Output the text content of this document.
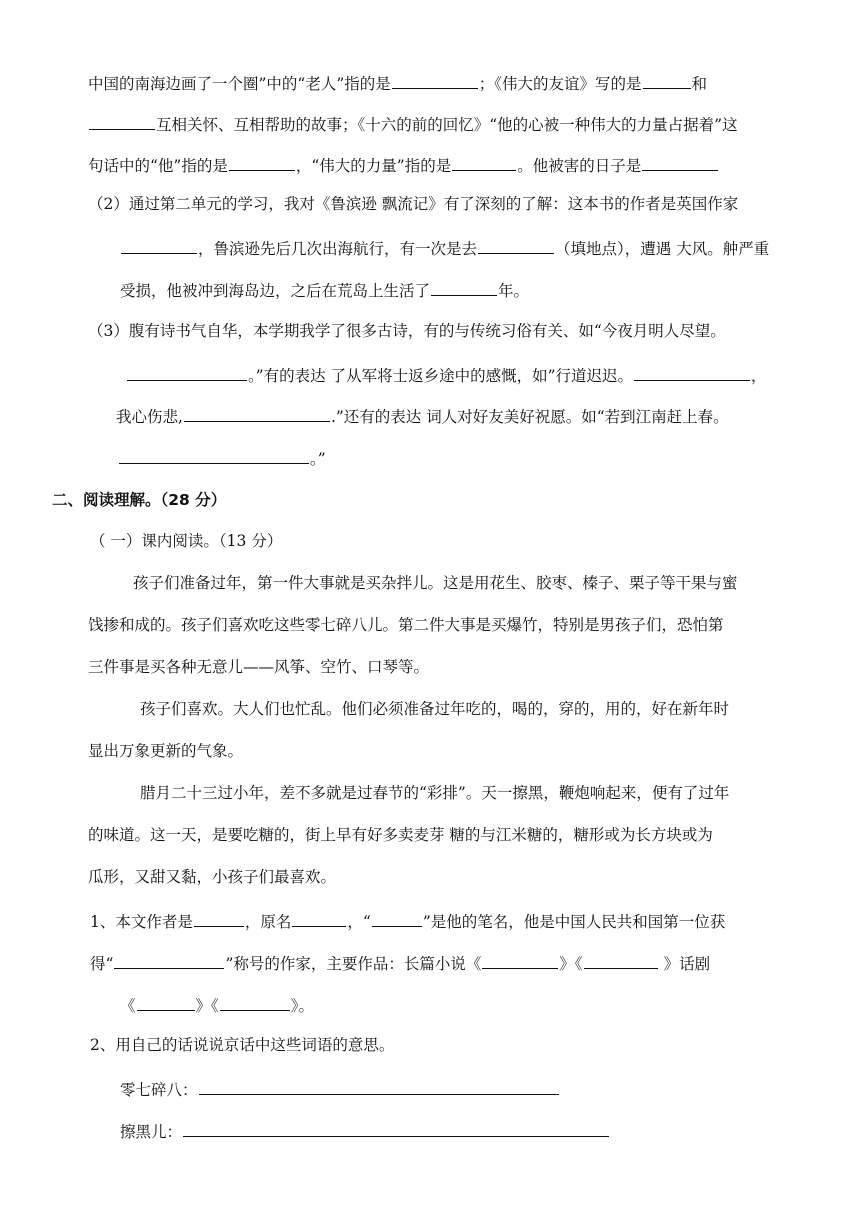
中国的南海边画了一个圈”中的“老人”指的是	；《伟大的友谊》写的是	和
互相关怀、互相帮助的故事；《十六的前的回忆》“他的心被一种伟大的力量占据着”这
句话中的“他”指的是	，“伟大的力量”指的是	。他被害的日子是
（2）通过第二单元的学习，我对《鲁滨逊 飘流记》有了深刻的了解：这本书的作者是英国作家
，鲁滨逊先后几次出海航行，有一次是去	（填地点），遭遇 大风。舯严重
受损，他被冲到海岛边，之后在荒岛上生活了	年。
（3）腹有诗书气自华，本学期我学了很多古诗，有的与传统习俗有关、如“今夜月明人尽望。
。”有的表达 了从军将士返乡途中的感慨，如”行道迟迟。	，
我心伤悲,	.”还有的表达 词人对好友美好祝愿。如“若到江南赶上春。
。”
二、阅读理解。（28 分）
（ 一）课内阅读。（13 分）
孩子们准备过年，第一件大事就是买杂拌儿。这是用花生、胶枣、榛子、栗子等干果与蜜
饯掺和成的。孩子们喜欢吃这些零七碎八儿。第二件大事是买爆竹，特别是男孩子们，恐怕第
三件事是买各种无意儿——风筝、空竹、口琴等。
孩子们喜欢。大人们也忙乱。他们必须准备过年吃的，喝的，穿的，用的，好在新年时
显出万象更新的气象。
腊月二十三过小年，差不多就是过春节的“彩排”。天一擦黑，鞭炮响起来，便有了过年
的味道。这一天，是要吃糖的，街上早有好多卖麦芽 糖的与江米糖的，糖形或为长方块或为
瓜形，又甜又黏，小孩子们最喜欢。
1、本文作者是	，原名	，“	”是他的笔名，他是中国人民共和国第一位获
得“	”称号的作家，主要作品：长篇小说《	》《	》话剧
《	》《	》。
2、用自己的话说说京话中这些词语的意思。
零七碎八：
擦黑儿：
